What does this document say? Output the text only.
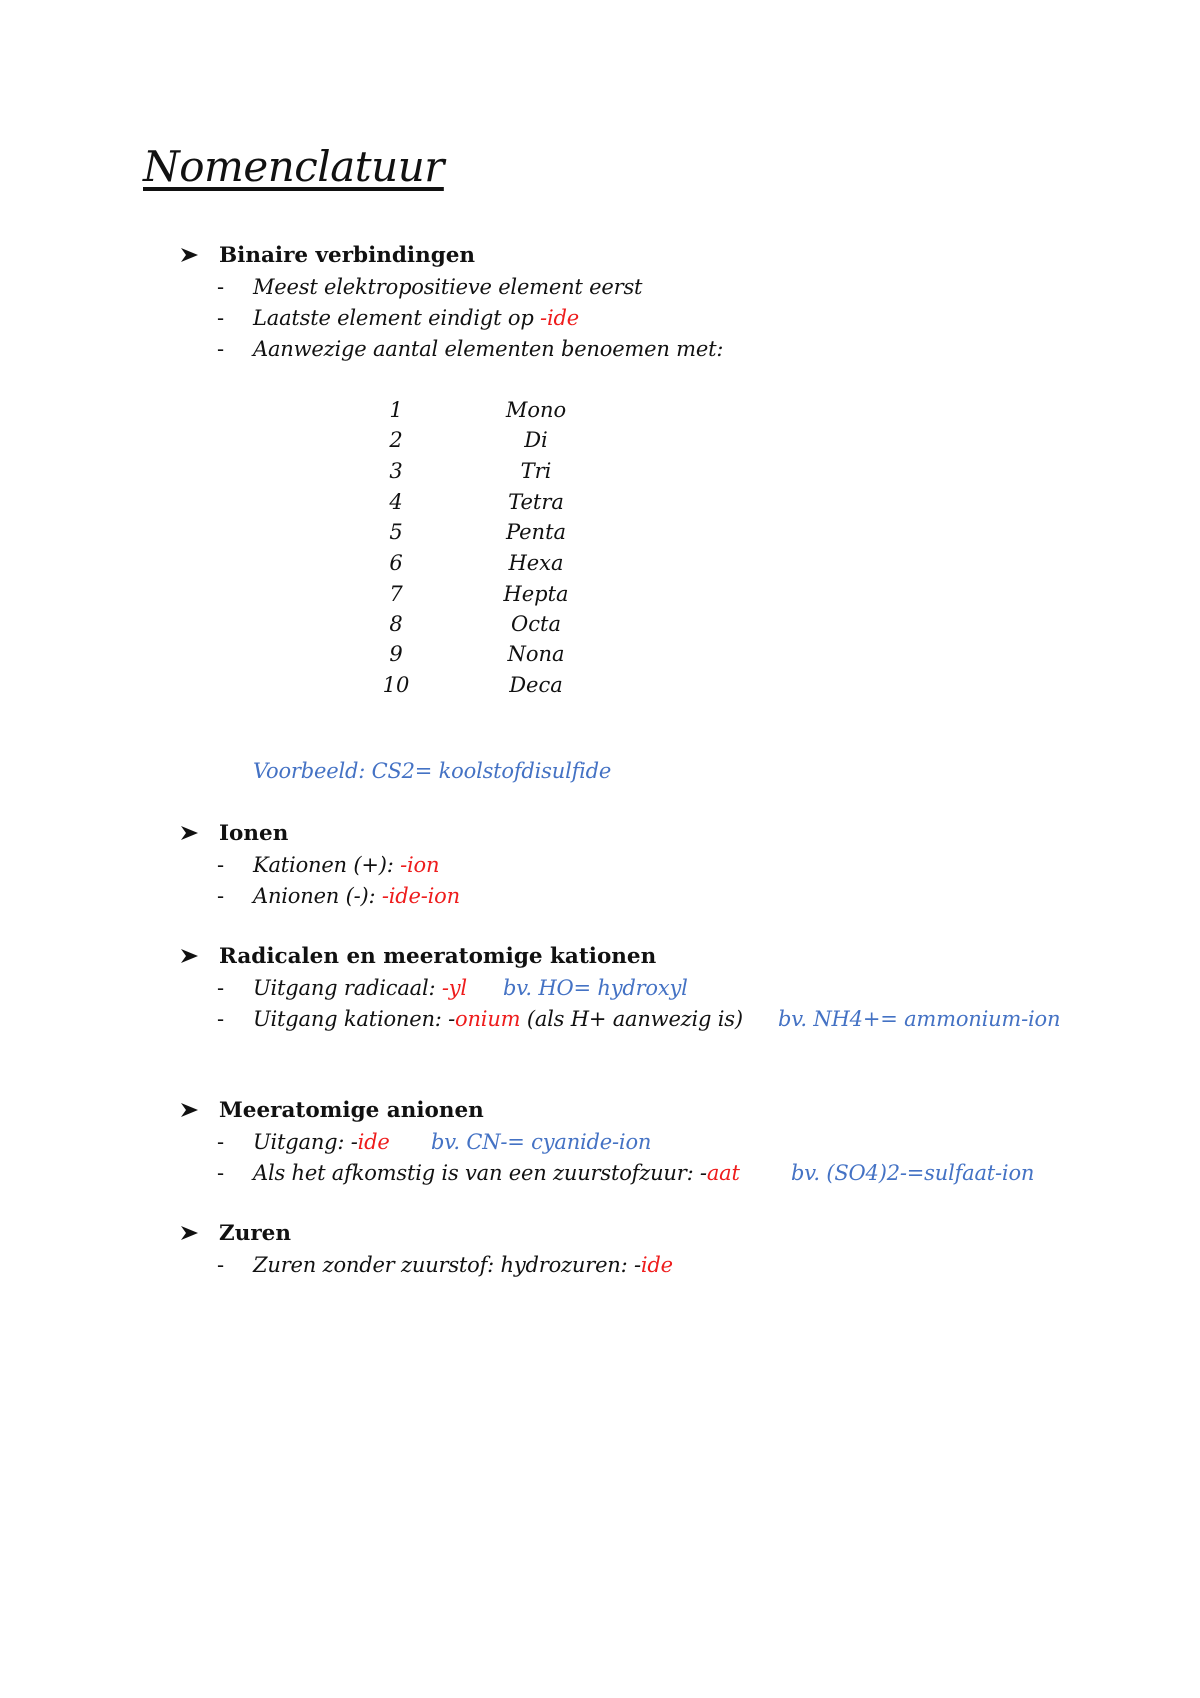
Nomenclatuur
Binaire verbindingen
- Meest elektropositieve element eerst
- Laatste element eindigt op -ide
- Aanwezige aantal elementen benoemen met:
1	Mono
2	Di
3	Tri
4	Tetra
5	Penta
6	Hexa
7	Hepta
8	Octa
9	Nona
10	Deca
Voorbeeld: CS2= koolstofdisulfide
Ionen
- Kationen (+): -ion
- Anionen (-): -ide-ion
Radicalen en meeratomige kationen
- Uitgang radicaal: -yl bv. HO= hydroxyl
- Uitgang kationen: -onium (als H+ aanwezig is) bv. NH4+= ammonium-ion
Meeratomige anionen
- Uitgang: -ide bv. CN-= cyanide-ion
- Als het afkomstig is van een zuurstofzuur: -aat bv. (SO4)2-=sulfaat-ion
Zuren
- Zuren zonder zuurstof: hydrozuren: -ide
